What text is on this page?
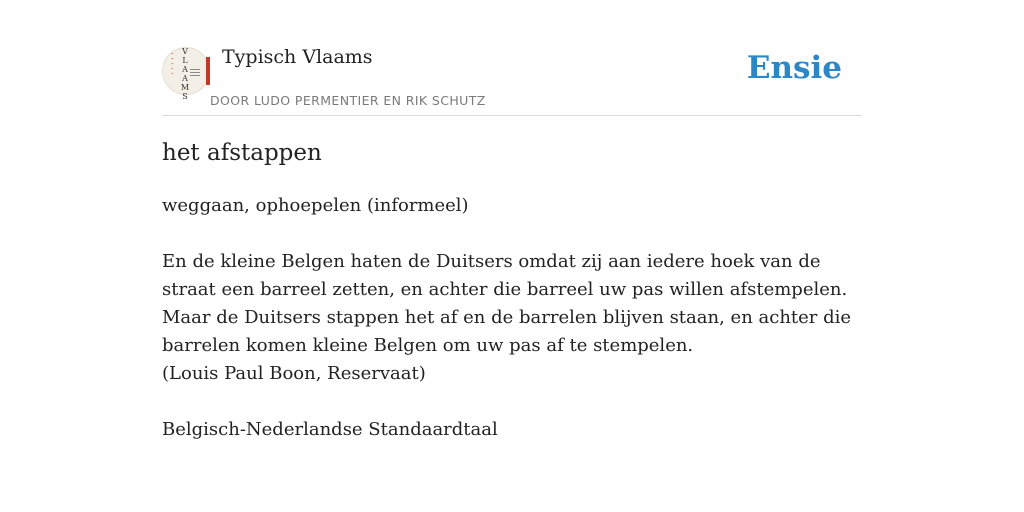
•
•
•
•
•
V
L
A
A
M
S
Typisch Vlaams
DOOR LUDO PERMENTIER EN RIK SCHUTZ
Ensie
het afstappen

weggaan, ophoepelen (informeel)

En de kleine Belgen haten de Duitsers omdat zij aan iedere hoek van de straat een barreel zetten, en achter die barreel uw pas willen afstempelen. Maar de Duitsers stappen het af en de barrelen blijven staan, en achter die barrelen komen kleine Belgen om uw pas af te stempelen.

(Louis Paul Boon, Reservaat)

Belgisch-Nederlandse Standaardtaal
